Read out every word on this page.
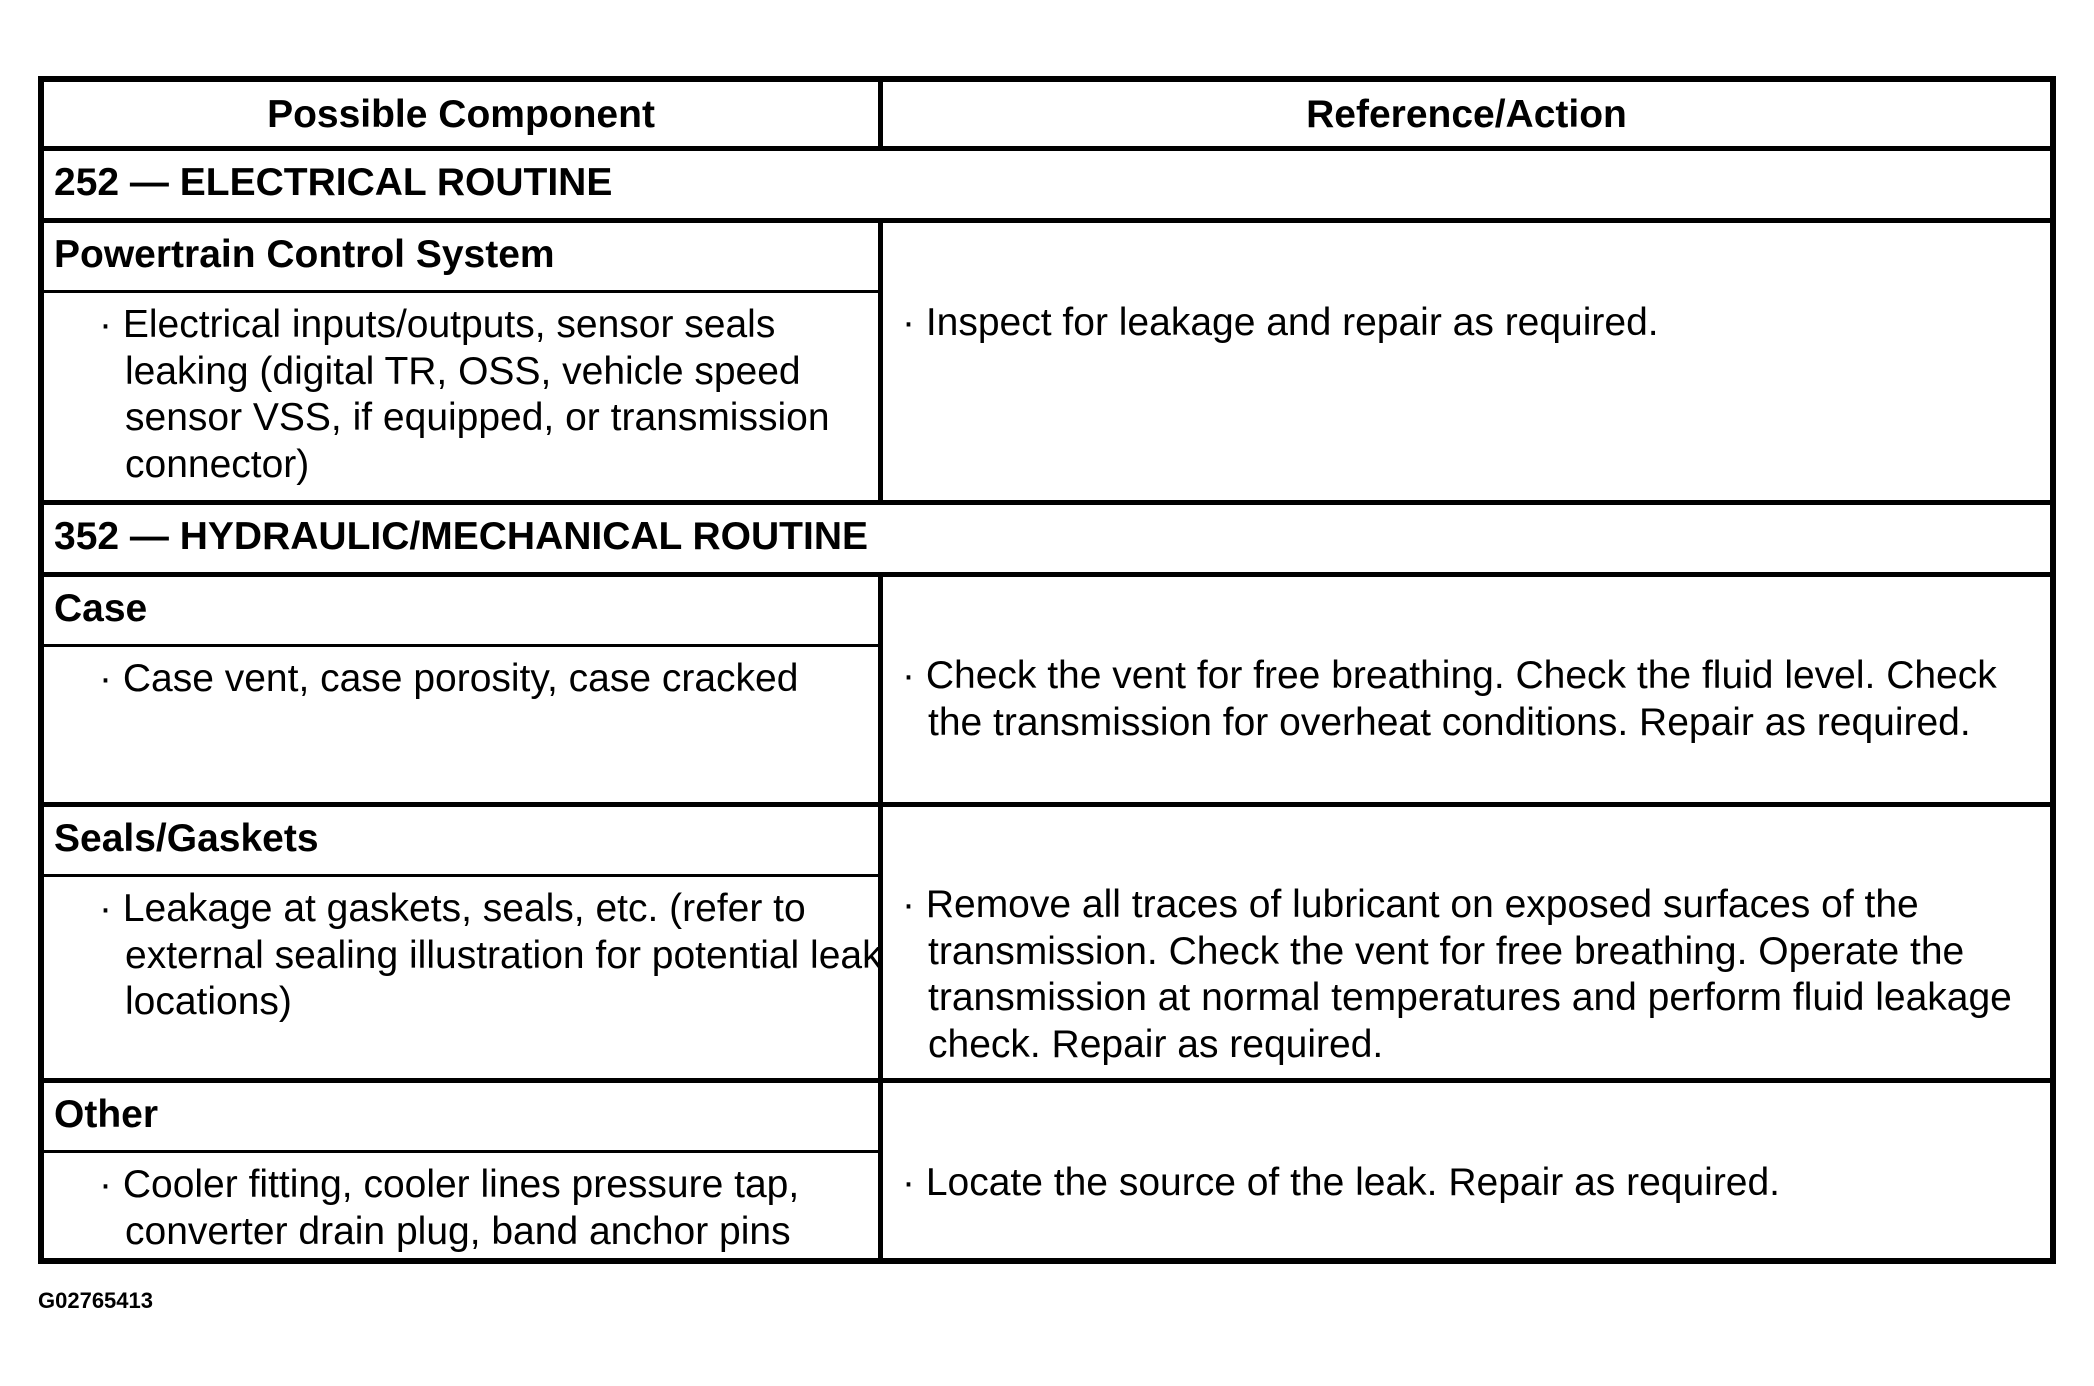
Possible Component	Reference/Action
252 — ELECTRICAL ROUTINE
Powertrain Control System
· Electrical inputs/outputs, sensor seals leaking (digital TR, OSS, vehicle speed sensor VSS, if equipped, or transmission connector)
· Inspect for leakage and repair as required.
352 — HYDRAULIC/MECHANICAL ROUTINE
Case
· Case vent, case porosity, case cracked	· Check the vent for free breathing. Check the fluid level. Check the transmission for overheat conditions. Repair as required.
Seals/Gaskets
· Leakage at gaskets, seals, etc. (refer to external sealing illustration for potential leak locations)
· Remove all traces of lubricant on exposed surfaces of the transmission. Check the vent for free breathing. Operate the transmission at normal temperatures and perform fluid leakage check. Repair as required.
Other
· Cooler fitting, cooler lines pressure tap, converter drain plug, band anchor pins
· Locate the source of the leak. Repair as required.
G02765413
